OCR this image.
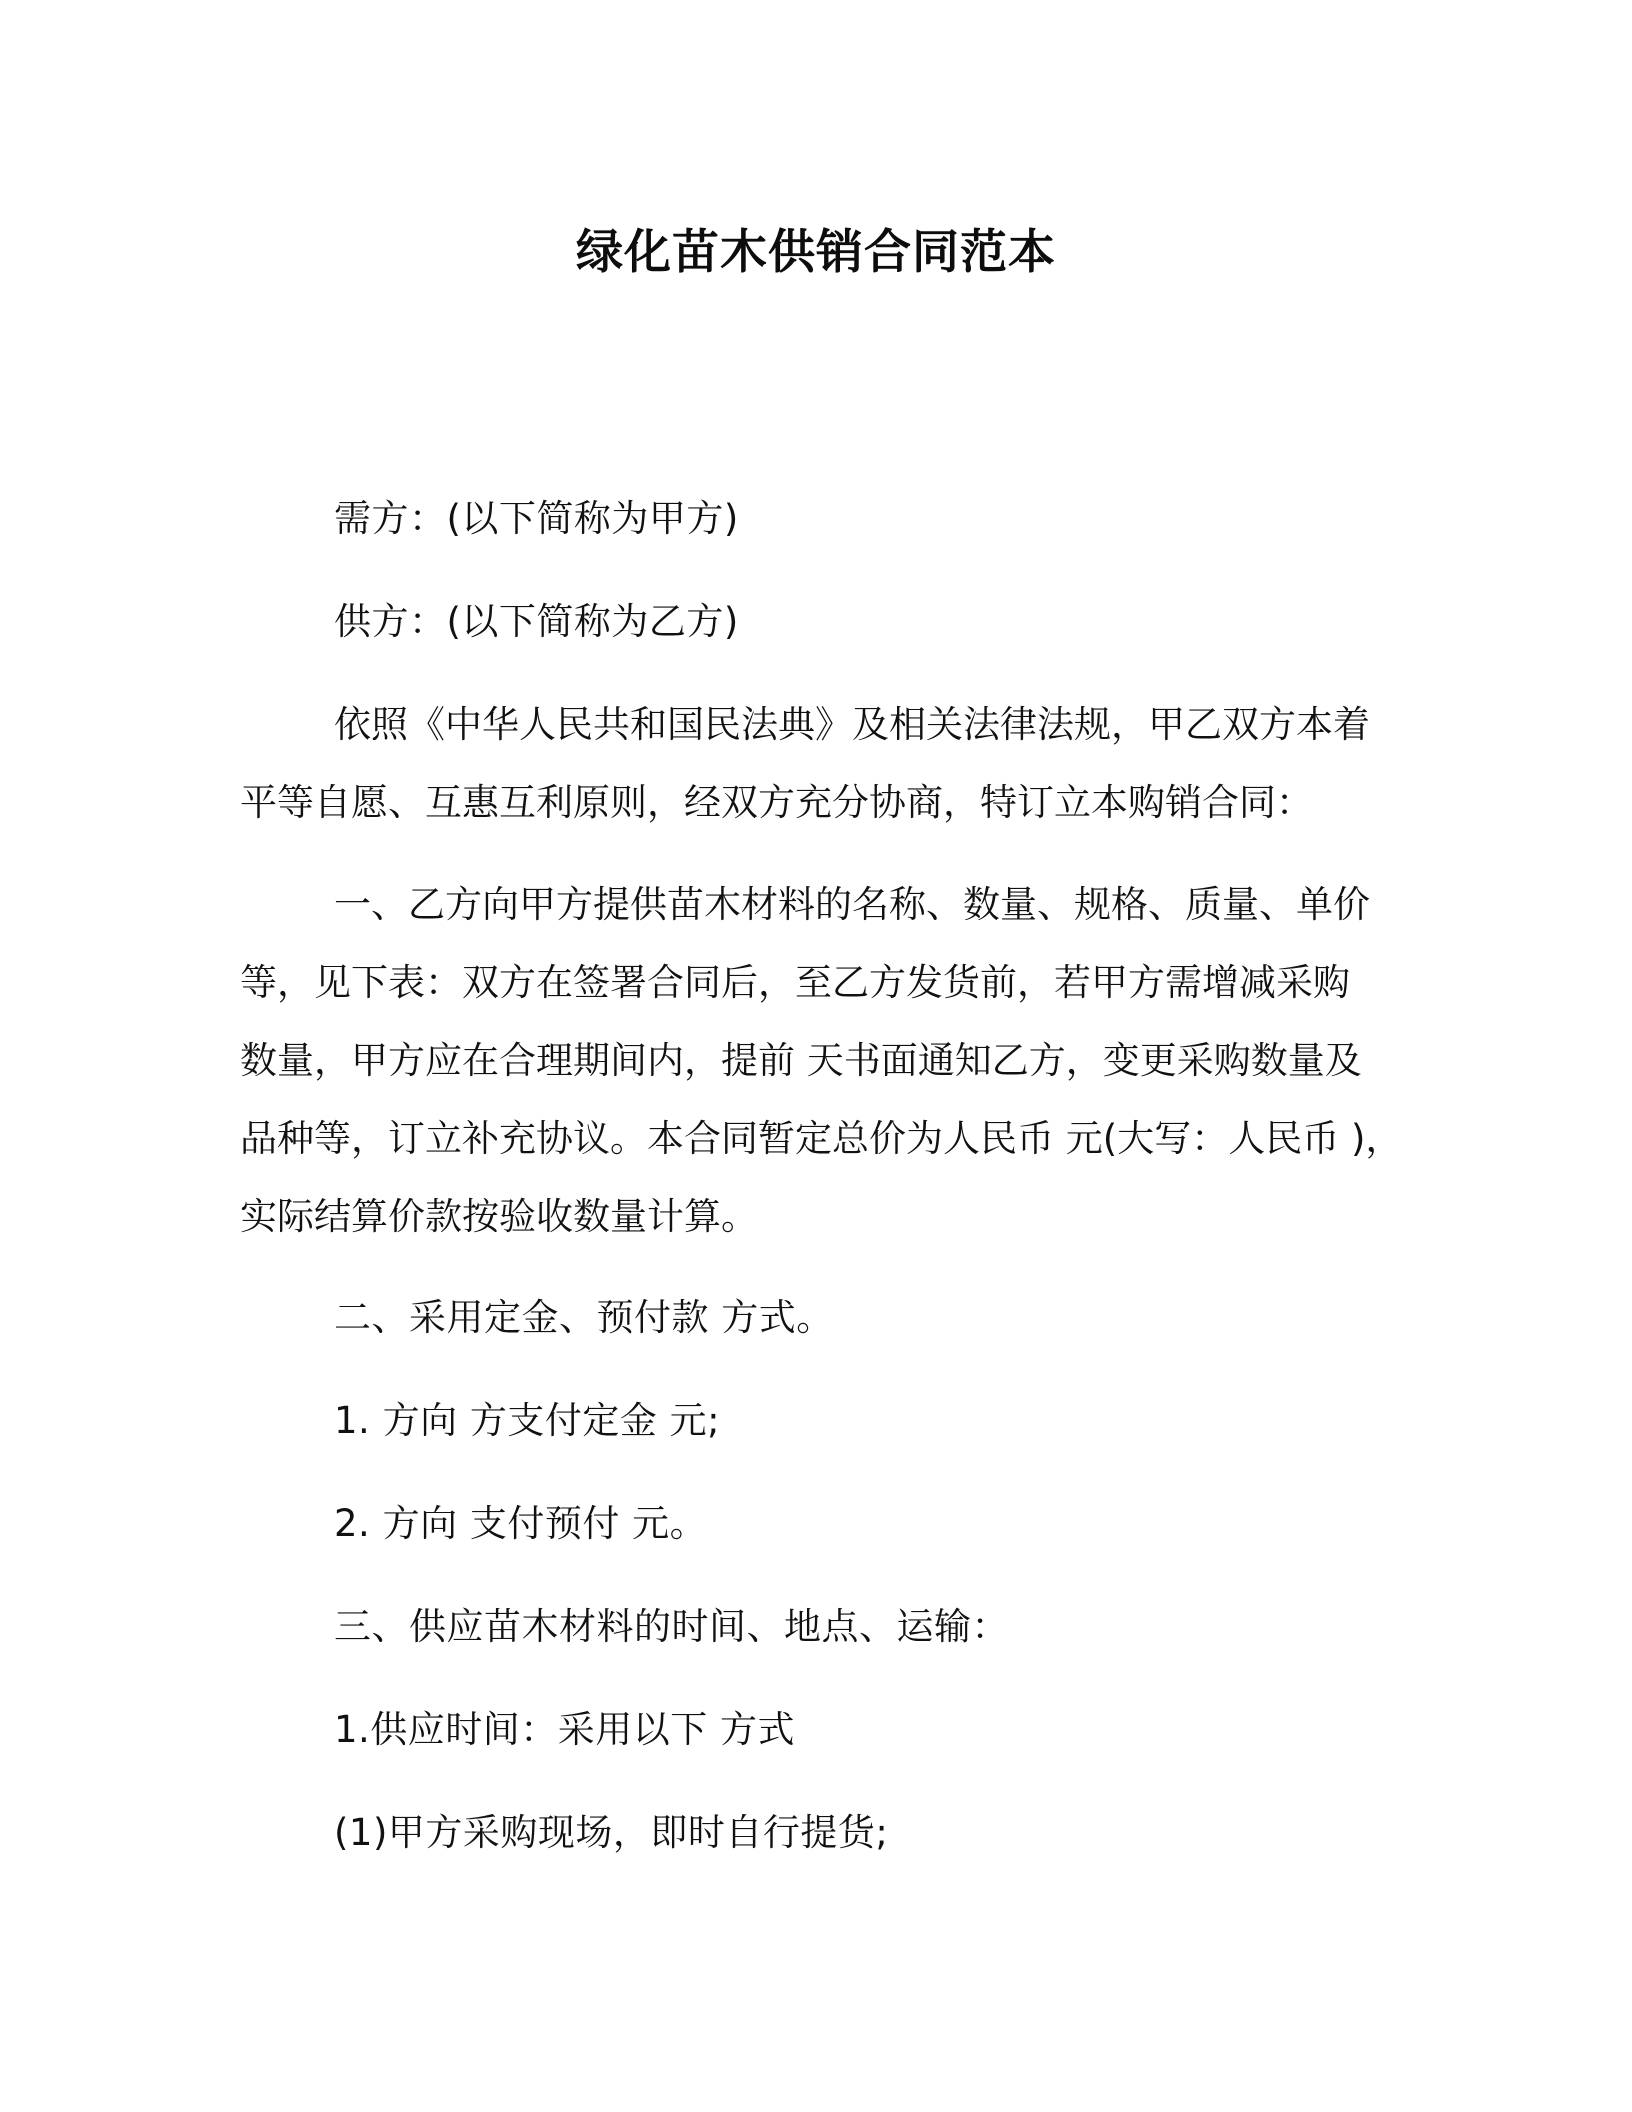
绿化苗木供销合同范本
需方：(以下简称为甲方)
供方：(以下简称为乙方)
依照《中华人民共和国民法典》及相关法律法规，甲乙双方本着
平等自愿、互惠互利原则，经双方充分协商，特订立本购销合同：
一、乙方向甲方提供苗木材料的名称、数量、规格、质量、单价
等，见下表：双方在签署合同后，至乙方发货前，若甲方需增减采购
数量，甲方应在合理期间内，提前 天书面通知乙方，变更采购数量及
品种等，订立补充协议。本合同暂定总价为人民币 元(大写：人民币 )，
实际结算价款按验收数量计算。
二、采用定金、预付款 方式。
1. 方向 方支付定金 元;
2. 方向 支付预付 元。
三、供应苗木材料的时间、地点、运输：
1.供应时间：采用以下 方式
(1)甲方采购现场，即时自行提货;
